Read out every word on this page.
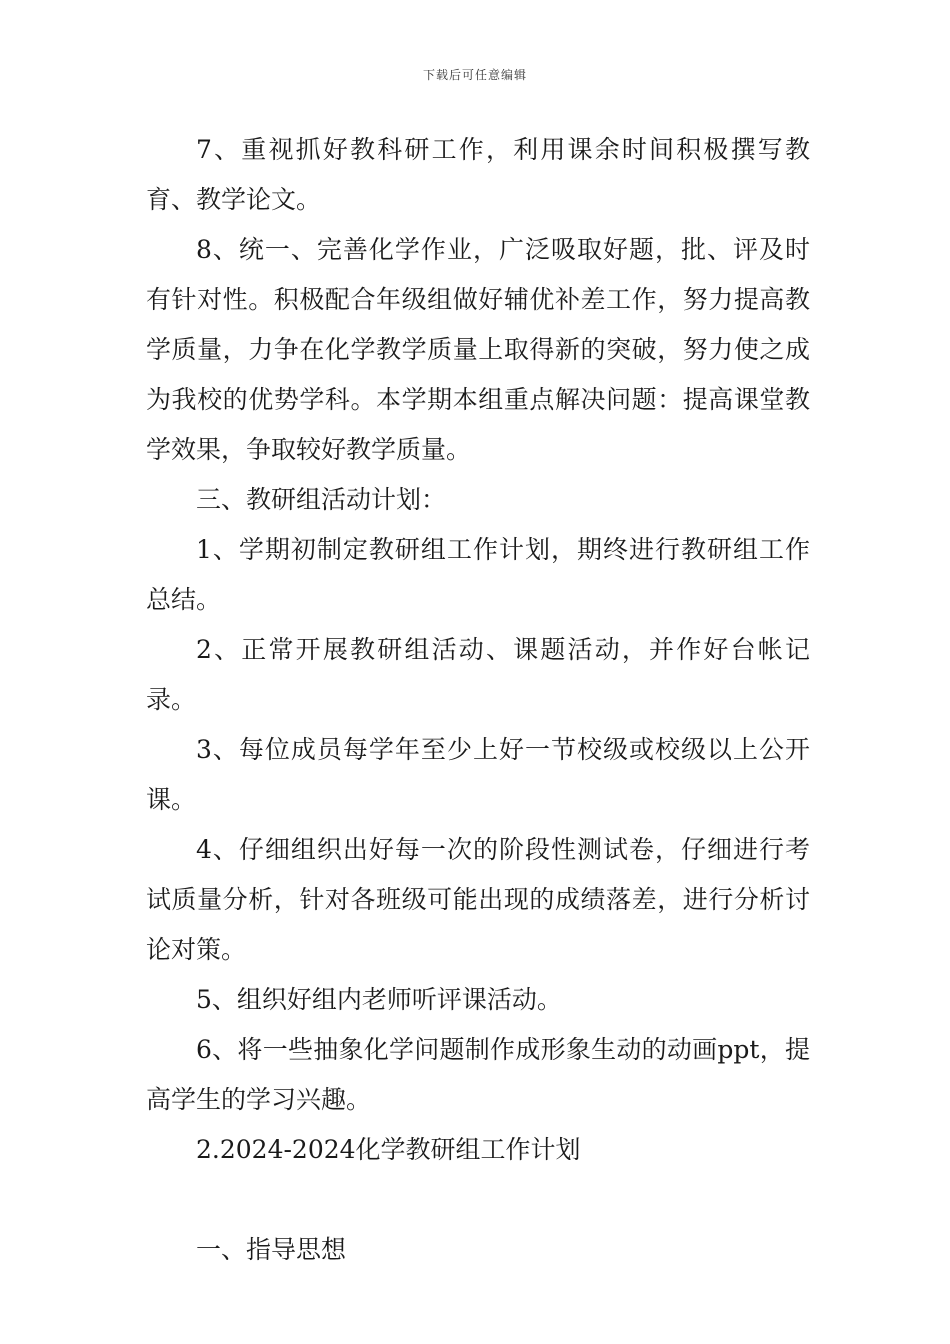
下载后可任意编辑

7、重视抓好教科研工作，利用课余时间积极撰写教育、教学论文。

8、统一、完善化学作业，广泛吸取好题，批、评及时有针对性。积极配合年级组做好辅优补差工作，努力提高教学质量，力争在化学教学质量上取得新的突破，努力使之成为我校的优势学科。本学期本组重点解决问题：提高课堂教学效果，争取较好教学质量。

三、教研组活动计划：

1、学期初制定教研组工作计划，期终进行教研组工作总结。

2、正常开展教研组活动、课题活动，并作好台帐记录。

3、每位成员每学年至少上好一节校级或校级以上公开课。

4、仔细组织出好每一次的阶段性测试卷，仔细进行考试质量分析，针对各班级可能出现的成绩落差，进行分析讨论对策。

5、组织好组内老师听评课活动。

6、将一些抽象化学问题制作成形象生动的动画ppt，提高学生的学习兴趣。

2.2024-2024化学教研组工作计划

一、指导思想
